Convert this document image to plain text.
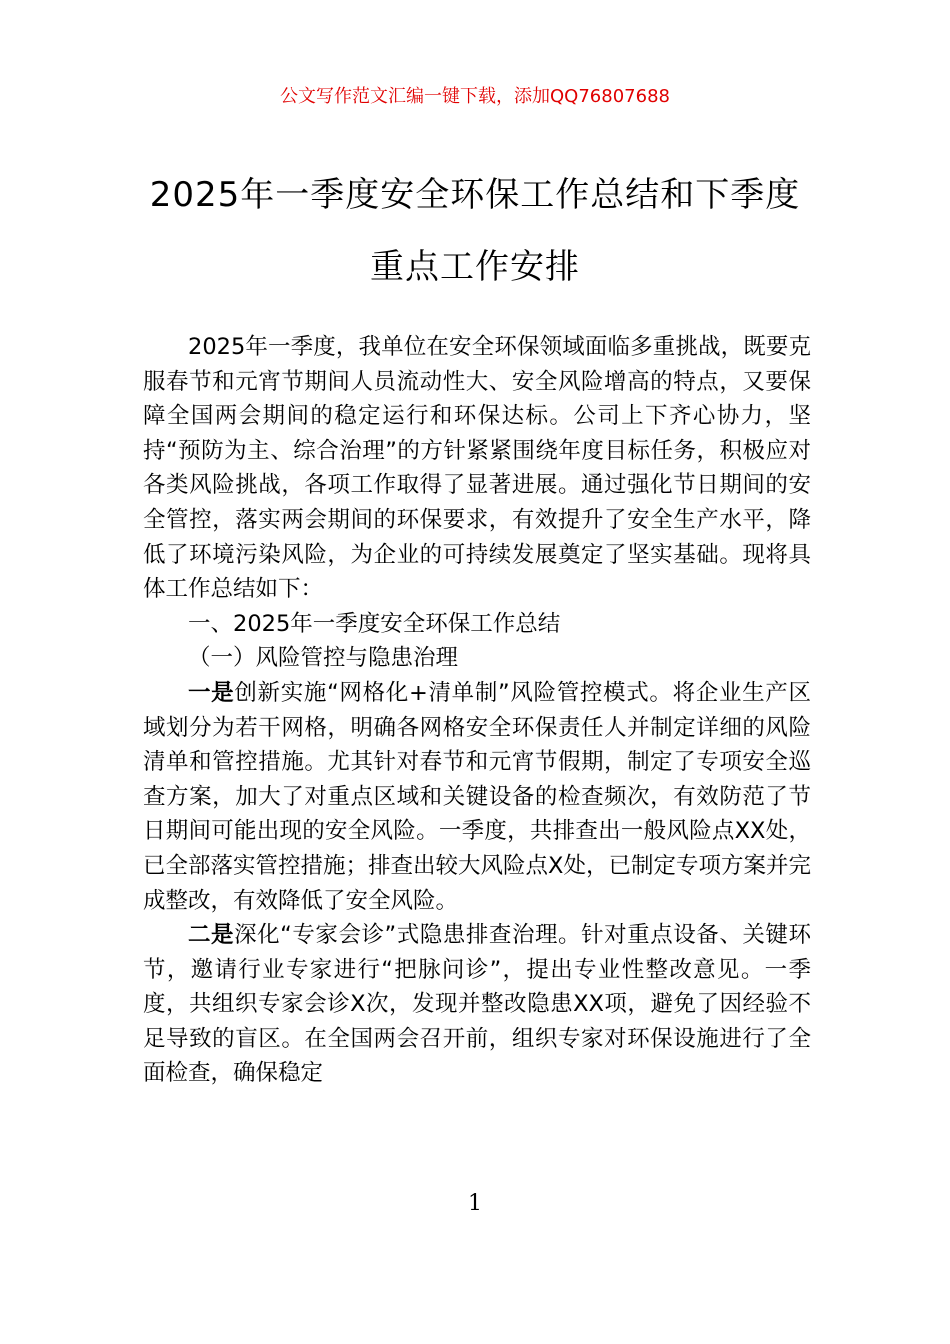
公文写作范文汇编一键下载，添加QQ76807688
2025年一季度安全环保工作总结和下季度
重点工作安排

2025年一季度，我单位在安全环保领域面临多重挑战，既要克服春节和元宵节期间人员流动性大、安全风险增高的特点，又要保障全国两会期间的稳定运行和环保达标。公司上下齐心协力，坚持“预防为主、综合治理”的方针紧紧围绕年度目标任务，积极应对各类风险挑战，各项工作取得了显著进展。通过强化节日期间的安全管控，落实两会期间的环保要求，有效提升了安全生产水平，降低了环境污染风险，为企业的可持续发展奠定了坚实基础。现将具体工作总结如下：

一、2025年一季度安全环保工作总结

（一）风险管控与隐患治理

一是创新实施“网格化+清单制”风险管控模式。将企业生产区域划分为若干网格，明确各网格安全环保责任人并制定详细的风险清单和管控措施。尤其针对春节和元宵节假期，制定了专项安全巡查方案，加大了对重点区域和关键设备的检查频次，有效防范了节日期间可能出现的安全风险。一季度，共排查出一般风险点XX处，已全部落实管控措施；排查出较大风险点X处，已制定专项方案并完成整改，有效降低了安全风险。

二是深化“专家会诊”式隐患排查治理。针对重点设备、关键环节，邀请行业专家进行“把脉问诊”，提出专业性整改意见。一季度，共组织专家会诊X次，发现并整改隐患XX项，避免了因经验不足导致的盲区。在全国两会召开前，组织专家对环保设施进行了全面检查，确保稳定

1
